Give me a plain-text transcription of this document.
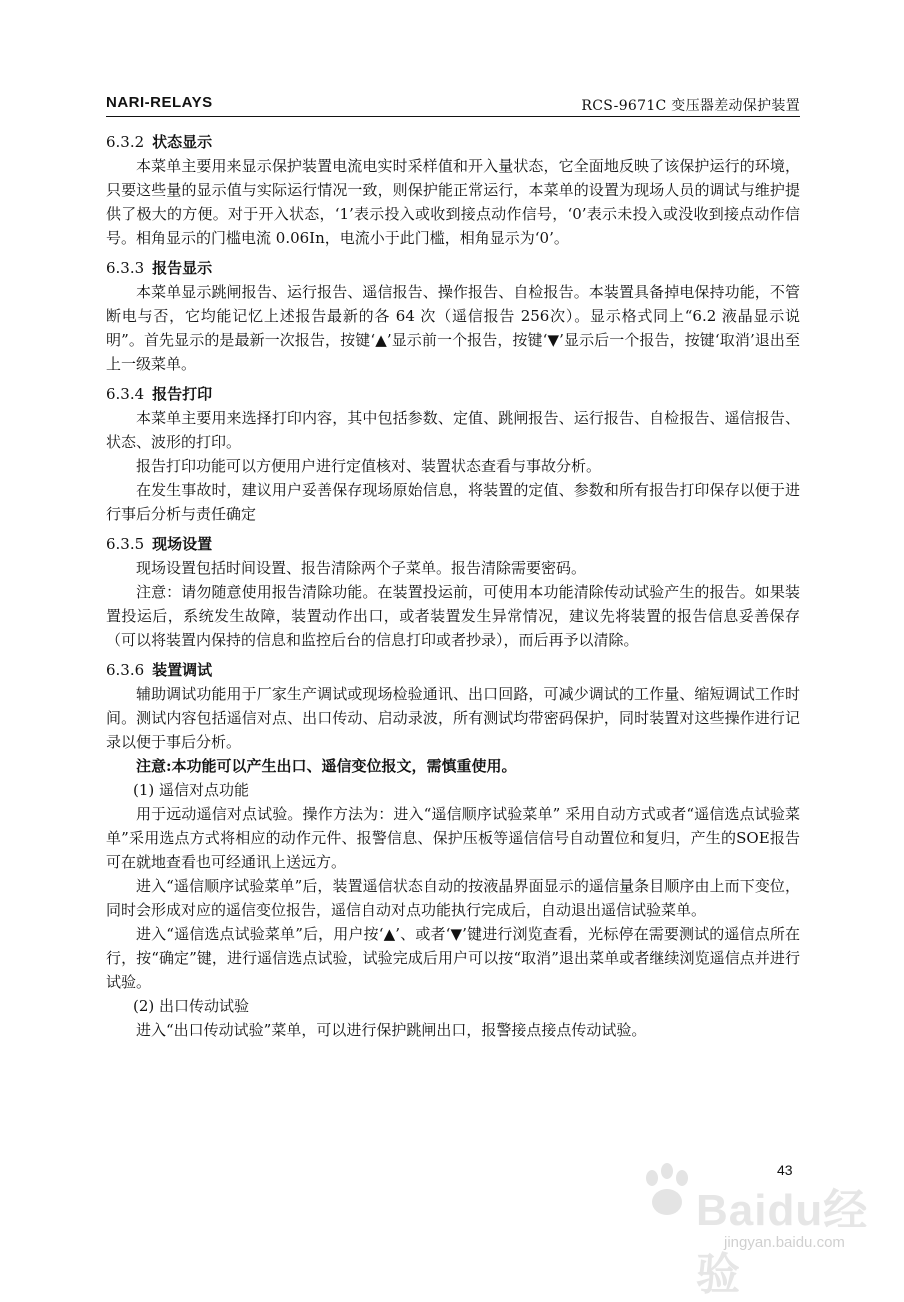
NARI-RELAYS	RCS-9671C 变压器差动保护装置

6.3.2 状态显示

本菜单主要用来显示保护装置电流电实时采样值和开入量状态，它全面地反映了该保护运行的环境，只要这些量的显示值与实际运行情况一致，则保护能正常运行，本菜单的设置为现场人员的调试与维护提供了极大的方便。对于开入状态，‘1’表示投入或收到接点动作信号，‘0’表示未投入或没收到接点动作信号。相角显示的门槛电流 0.06In，电流小于此门槛，相角显示为‘0’。

6.3.3 报告显示

本菜单显示跳闸报告、运行报告、遥信报告、操作报告、自检报告。本装置具备掉电保持功能，不管断电与否，它均能记忆上述报告最新的各 64 次（遥信报告 256次）。显示格式同上“6.2 液晶显示说明”。首先显示的是最新一次报告，按键‘▲’显示前一个报告，按键‘▼’显示后一个报告，按键‘取消’退出至上一级菜单。

6.3.4 报告打印

本菜单主要用来选择打印内容，其中包括参数、定值、跳闸报告、运行报告、自检报告、遥信报告、状态、波形的打印。

报告打印功能可以方便用户进行定值核对、装置状态查看与事故分析。

在发生事故时，建议用户妥善保存现场原始信息，将装置的定值、参数和所有报告打印保存以便于进行事后分析与责任确定

6.3.5 现场设置

现场设置包括时间设置、报告清除两个子菜单。报告清除需要密码。

注意：请勿随意使用报告清除功能。在装置投运前，可使用本功能清除传动试验产生的报告。如果装置投运后，系统发生故障，装置动作出口，或者装置发生异常情况，建议先将装置的报告信息妥善保存（可以将装置内保持的信息和监控后台的信息打印或者抄录），而后再予以清除。

6.3.6 装置调试

辅助调试功能用于厂家生产调试或现场检验通讯、出口回路，可减少调试的工作量、缩短调试工作时间。测试内容包括遥信对点、出口传动、启动录波，所有测试均带密码保护，同时装置对这些操作进行记录以便于事后分析。

注意:本功能可以产生出口、遥信变位报文，需慎重使用。

(1) 遥信对点功能

用于远动遥信对点试验。操作方法为：进入“遥信顺序试验菜单” 采用自动方式或者“遥信选点试验菜单”采用选点方式将相应的动作元件、报警信息、保护压板等遥信信号自动置位和复归，产生的SOE报告可在就地查看也可经通讯上送远方。

进入“遥信顺序试验菜单”后，装置遥信状态自动的按液晶界面显示的遥信量条目顺序由上而下变位，同时会形成对应的遥信变位报告，遥信自动对点功能执行完成后，自动退出遥信试验菜单。

进入“遥信选点试验菜单”后，用户按‘▲’、或者‘▼’键进行浏览查看，光标停在需要测试的遥信点所在行，按“确定”键，进行遥信选点试验，试验完成后用户可以按“取消”退出菜单或者继续浏览遥信点并进行试验。

(2) 出口传动试验

进入“出口传动试验”菜单，可以进行保护跳闸出口，报警接点接点传动试验。

43
Baidu经验
jingyan.baidu.com
